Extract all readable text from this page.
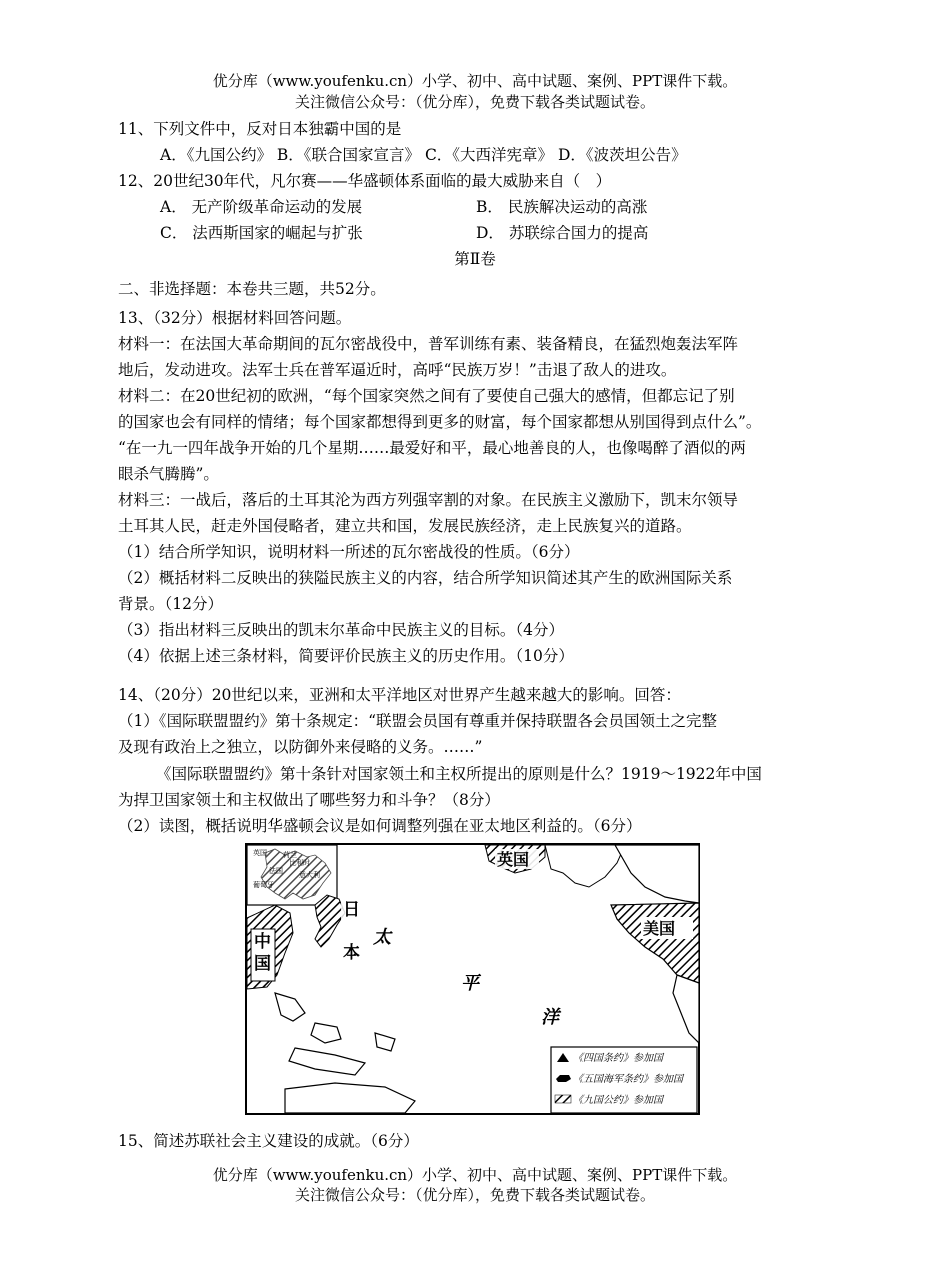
优分库（www.youfenku.cn）小学、初中、高中试题、案例、PPT课件下载。
关注微信公众号：（优分库），免费下载各类试题试卷。
11、下列文件中，反对日本独霸中国的是
A．《九国公约》 B．《联合国家宣言》 C．《大西洋宪章》 D．《波茨坦公告》
12、20世纪30年代，凡尔赛——华盛顿体系面临的最大威胁来自（　）
A． 无产阶级革命运动的发展	B． 民族解决运动的高涨
C． 法西斯国家的崛起与扩张	D． 苏联综合国力的提高
第Ⅱ卷
二、非选择题：本卷共三题，共52分。
13、（32分）根据材料回答问题。
材料一：在法国大革命期间的瓦尔密战役中，普军训练有素、装备精良，在猛烈炮轰法军阵
地后，发动进攻。法军士兵在普军逼近时，高呼“民族万岁！”击退了敌人的进攻。
材料二：在20世纪初的欧洲，“每个国家突然之间有了要使自己强大的感情，但都忘记了别
的国家也会有同样的情绪；每个国家都想得到更多的财富，每个国家都想从别国得到点什么”。
“在一九一四年战争开始的几个星期……最爱好和平，最心地善良的人，也像喝醉了酒似的两
眼杀气腾腾”。
材料三：一战后，落后的土耳其沦为西方列强宰割的对象。在民族主义激励下，凯末尔领导
土耳其人民，赶走外国侵略者，建立共和国，发展民族经济，走上民族复兴的道路。
（1）结合所学知识，说明材料一所述的瓦尔密战役的性质。（6分）
（2）概括材料二反映出的狭隘民族主义的内容，结合所学知识简述其产生的欧洲国际关系
背景。（12分）
（3）指出材料三反映出的凯末尔革命中民族主义的目标。（4分）
（4）依据上述三条材料，简要评价民族主义的历史作用。（10分）
14、（20分）20世纪以来，亚洲和太平洋地区对世界产生越来越大的影响。回答：
（1）《国际联盟盟约》第十条规定：“联盟会员国有尊重并保持联盟各会员国领土之完整
及现有政治上之独立，以防御外来侵略的义务。……”
《国际联盟盟约》第十条针对国家领土和主权所提出的原则是什么？1919～1922年中国
为捍卫国家领土和主权做出了哪些努力和斗争？（8分）
（2）读图，概括说明华盛顿会议是如何调整列强在亚太地区利益的。（6分）
英国
法国
比利时
荷兰
意大利
葡萄牙
中
国
日
本
英国
美国
太
平
洋
《四国条约》参加国
《五国海军条约》参加国
《九国公约》参加国
15、简述苏联社会主义建设的成就。（6分）
优分库（www.youfenku.cn）小学、初中、高中试题、案例、PPT课件下载。
关注微信公众号：（优分库），免费下载各类试题试卷。
